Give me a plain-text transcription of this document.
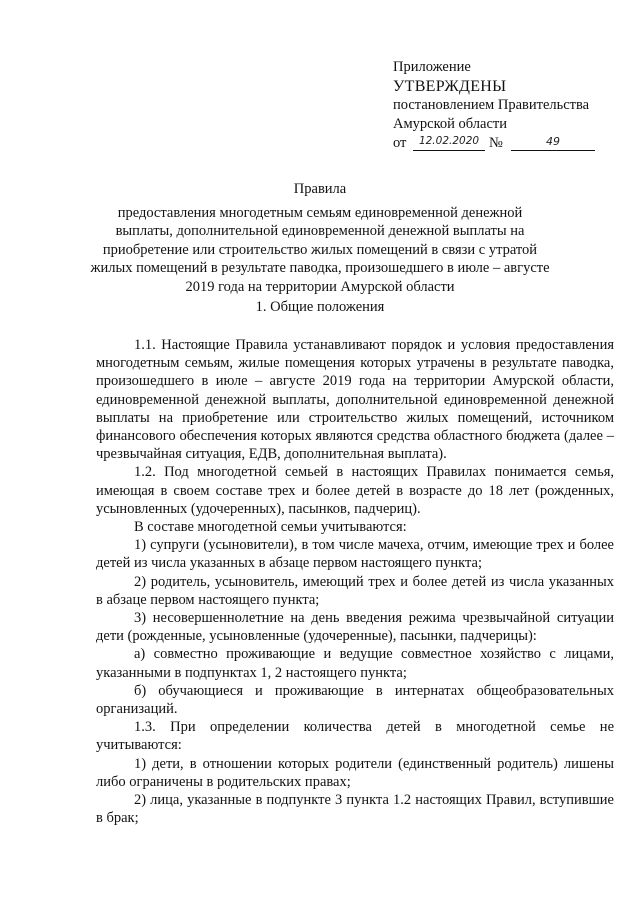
Приложение
УТВЕРЖДЕНЫ
постановлением Правительства
Амурской области
от	12.02.2020 №	49
Правила
предоставления многодетным семьям единовременной денежной выплаты, дополнительной единовременной денежной выплаты на приобретение или строительство жилых помещений в связи с утратой жилых помещений в результате паводка, произошедшего в июле – августе 2019 года на территории Амурской области
1. Общие положения

1.1. Настоящие Правила устанавливают порядок и условия предоставления многодетным семьям, жилые помещения которых утрачены в результате паводка, произошедшего в июле – августе 2019 года на территории Амурской области, единовременной денежной выплаты, дополнительной единовременной денежной выплаты на приобретение или строительство жилых помещений, источником финансового обеспечения которых являются средства областного бюджета (далее – чрезвычайная ситуация, ЕДВ, дополнительная выплата).

1.2. Под многодетной семьей в настоящих Правилах понимается семья, имеющая в своем составе трех и более детей в возрасте до 18 лет (рожденных, усыновленных (удочеренных), пасынков, падчериц).

В составе многодетной семьи учитываются:

1) супруги (усыновители), в том числе мачеха, отчим, имеющие трех и более детей из числа указанных в абзаце первом настоящего пункта;

2) родитель, усыновитель, имеющий трех и более детей из числа указанных в абзаце первом настоящего пункта;

3) несовершеннолетние на день введения режима чрезвычайной ситуации дети (рожденные, усыновленные (удочеренные), пасынки, падчерицы):

а) совместно проживающие и ведущие совместное хозяйство с лицами, указанными в подпунктах 1, 2 настоящего пункта;

б) обучающиеся и проживающие в интернатах общеобразовательных организаций.

1.3. При определении количества детей в многодетной семье не учитываются:

1) дети, в отношении которых родители (единственный родитель) лишены либо ограничены в родительских правах;

2) лица, указанные в подпункте 3 пункта 1.2 настоящих Правил, вступившие в брак;
